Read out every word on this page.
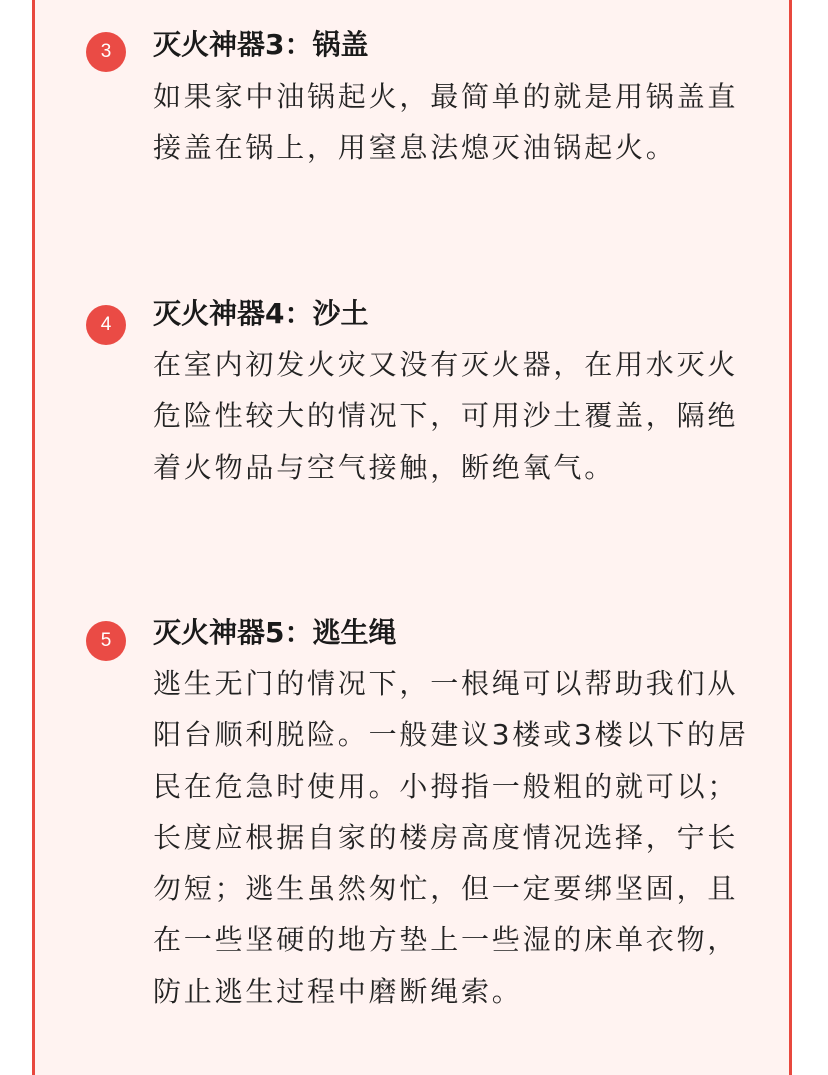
3	灭火神器3：锅盖

如果家中油锅起火，最简单的就是用锅盖直接盖在锅上，用窒息法熄灭油锅起火。

4	灭火神器4：沙土

在室内初发火灾又没有灭火器，在用水灭火危险性较大的情况下，可用沙土覆盖，隔绝着火物品与空气接触，断绝氧气。

5	灭火神器5：逃生绳

逃生无门的情况下，一根绳可以帮助我们从阳台顺利脱险。一般建议3楼或3楼以下的居民在危急时使用。小拇指一般粗的就可以；长度应根据自家的楼房高度情况选择，宁长勿短；逃生虽然匆忙，但一定要绑坚固，且在一些坚硬的地方垫上一些湿的床单衣物，防止逃生过程中磨断绳索。
